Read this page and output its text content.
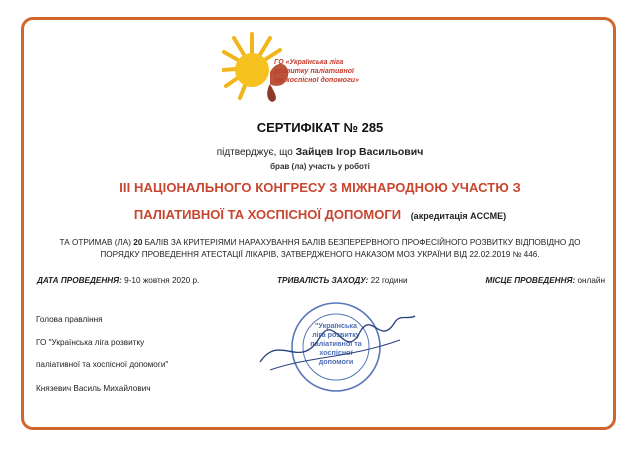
ГО «Українська ліга
розвитку паліативної
та хоспісної допомоги»
СЕРТИФІКАТ № 285
підтверджує, що Зайцев Ігор Васильович
брав (ла) участь у роботі
ІІІ НАЦІОНАЛЬНОГО КОНГРЕСУ З МІЖНАРОДНОЮ УЧАСТЮ З
ПАЛІАТИВНОЇ ТА ХОСПІСНОЇ ДОПОМОГИ (акредитація ACCME)
ТА ОТРИМАВ (ЛА) 20 БАЛІВ ЗА КРИТЕРІЯМИ НАРАХУВАННЯ БАЛІВ БЕЗПЕРЕРВНОГО ПРОФЕСІЙНОГО РОЗВИТКУ ВІДПОВІДНО ДО
ПОРЯДКУ ПРОВЕДЕННЯ АТЕСТАЦІЇ ЛІКАРІВ, ЗАТВЕРДЖЕНОГО НАКАЗОМ МОЗ УКРАЇНИ ВІД 22.02.2019 № 446.
ДАТА ПРОВЕДЕННЯ: 9-10 жовтня 2020 р.	ТРИВАЛІСТЬ ЗАХОДУ: 22 години	МІСЦЕ ПРОВЕДЕННЯ: онлайн
Голова правління
ГО "Українська ліга розвитку
паліативної та хоспісної допомоги"
Князевич Василь Михайлович
"Українська
ліга розвитку
паліативної та
хоспісної
допомоги
